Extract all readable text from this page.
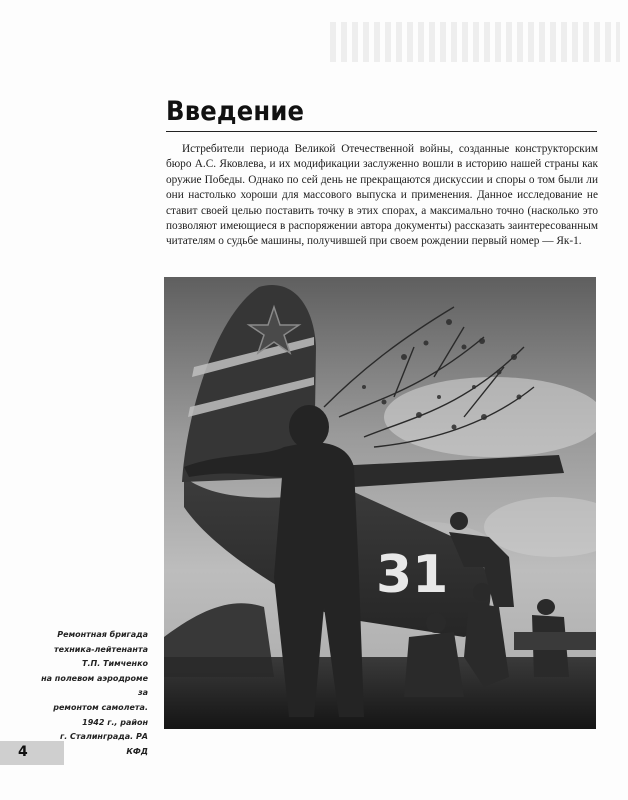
Введение

Истребители периода Великой Отечественной войны, созданные конструкторским бюро А.С. Яковлева, и их модификации заслуженно вошли в историю нашей страны как оружие Победы. Однако по сей день не прекращаются дискуссии и споры о том были ли они настолько хороши для массового выпуска и применения. Данное исследование не ставит своей целью поставить точку в этих спорах, а максимально точно (насколько это позволяют имеющиеся в распоряжении автора документы) рассказать заинтересованным читателям о судьбе машины, получившей при своем рождении первый номер — Як-1.

31
Ремонтная бригада
техника-лейтенанта
Т.П. Тимченко
на полевом аэродроме за
ремонтом самолета.
1942 г., район
г. Сталинграда. РА КФД

4
